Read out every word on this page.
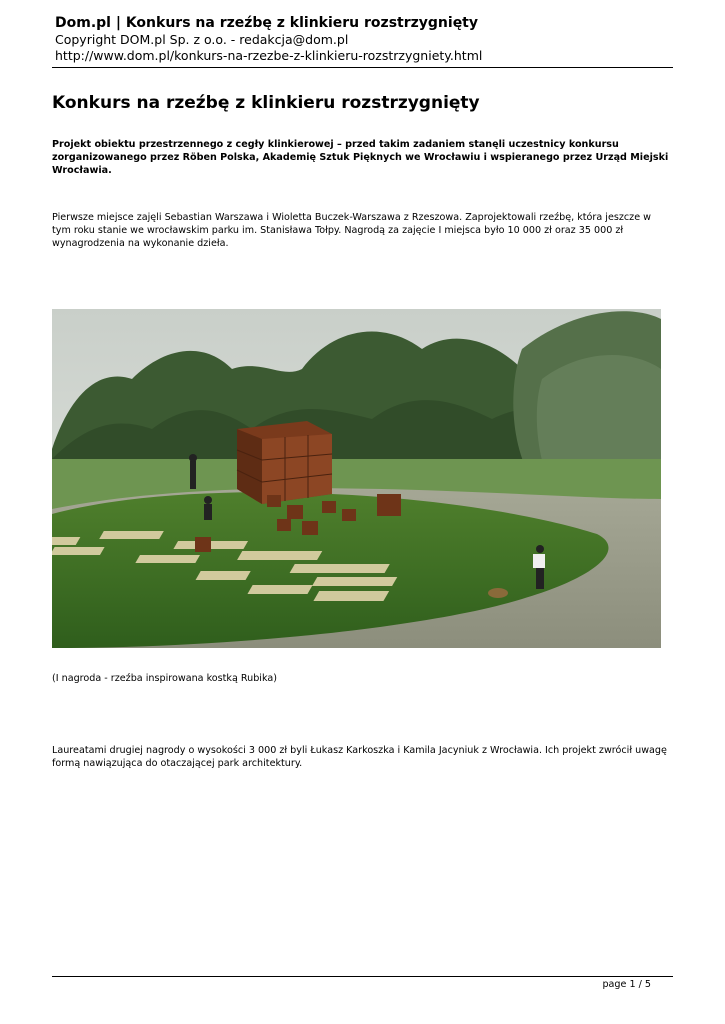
Dom.pl | Konkurs na rzeźbę z klinkieru rozstrzygnięty
Copyright DOM.pl Sp. z o.o. - redakcja@dom.pl
http://www.dom.pl/konkurs-na-rzezbe-z-klinkieru-rozstrzygniety.html
Konkurs na rzeźbę z klinkieru rozstrzygnięty

Projekt obiektu przestrzennego z cegły klinkierowej – przed takim zadaniem stanęli uczestnicy konkursu zorganizowanego przez Röben Polska, Akademię Sztuk Pięknych we Wrocławiu i wspieranego przez Urząd Miejski Wrocławia.

Pierwsze miejsce zajęli Sebastian Warszawa i Wioletta Buczek-Warszawa z Rzeszowa. Zaprojektowali rzeźbę, która jeszcze w tym roku stanie we wrocławskim parku im. Stanisława Tołpy. Nagrodą za zajęcie I miejsca było 10 000 zł oraz 35 000 zł wynagrodzenia na wykonanie dzieła.

(I nagroda - rzeźba inspirowana kostką Rubika)

Laureatami drugiej nagrody o wysokości 3 000 zł byli Łukasz Karkoszka i Kamila Jacyniuk z Wrocławia. Ich projekt zwrócił uwagę formą nawiązująca do otaczającej park architektury.

page 1 / 5
